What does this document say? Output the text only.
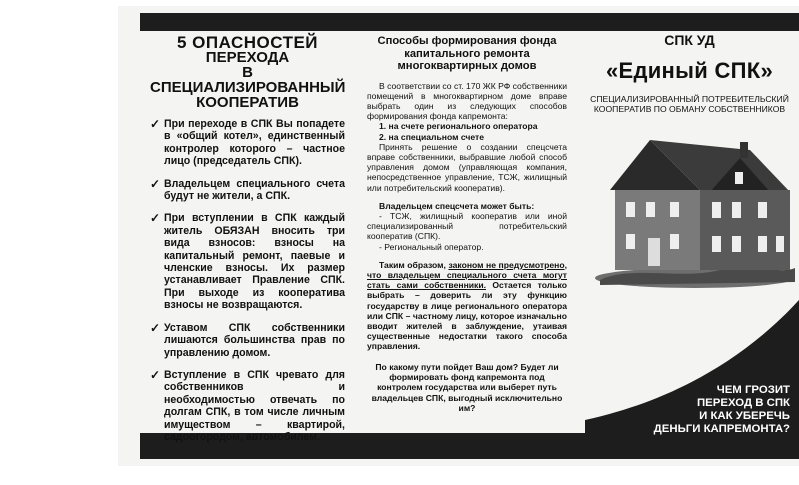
5 ОПАСНОСТЕЙ
ПЕРЕХОДА
В СПЕЦИАЛИЗИРОВАННЫЙ
КООПЕРАТИВ
✓ При переходе в СПК Вы попадете в «общий котел», единственный контролер которого – частное лицо (председатель СПК).
✓ Владельцем специального счета будут не жители, а СПК.
✓ При вступлении в СПК каждый житель ОБЯЗАН вносить три вида взносов: взносы на капитальный ремонт, паевые и членские взносы. Их размер устанавливает Правление СПК. При выходе из кооператива взносы не возвращаются.
✓ Уставом СПК собственники лишаются большинства прав по управлению домом.
✓ Вступление в СПК чревато для собственников и необходимостью отвечать по долгам СПК, в том числе личным имуществом – квартирой, садоогородом, автомобилем.
Способы формирования фонда капитального ремонта многоквартирных домов

В соответствии со ст. 170 ЖК РФ собственники помещений в многоквартирном доме вправе выбрать один из следующих способов формирования фонда капремонта:

1. на счете регионального оператора

2. на специальном счете

Принять решение о создании спецсчета вправе собственники, выбравшие любой способ управления домом (управляющая компания, непосредственное управление, ТСЖ, жилищный или потребительский кооператив).

Владельцем спецсчета может быть:

- ТСЖ, жилищный кооператив или иной специализированный потребительский кооператив (СПК).

- Региональный оператор.

Таким образом, законом не предусмотрено, что владельцем специального счета могут стать сами собственники. Остается только выбрать – доверить ли эту функцию государству в лице регионального оператора или СПК – частному лицу, которое изначально вводит жителей в заблуждение, утаивая существенные недостатки такого способа управления.

По какому пути пойдет Ваш дом? Будет ли формировать фонд капремонта под контролем государства или выберет путь владельцев СПК, выгодный исключительно им?
СПК УД
«Единый СПК»
СПЕЦИАЛИЗИРОВАННЫЙ ПОТРЕБИТЕЛЬСКИЙ КООПЕРАТИВ ПО ОБМАНУ СОБСТВЕННИКОВ
ЧЕМ ГРОЗИТ
ПЕРЕХОД В СПК
И КАК УБЕРЕЧЬ
ДЕНЬГИ КАПРЕМОНТА?
